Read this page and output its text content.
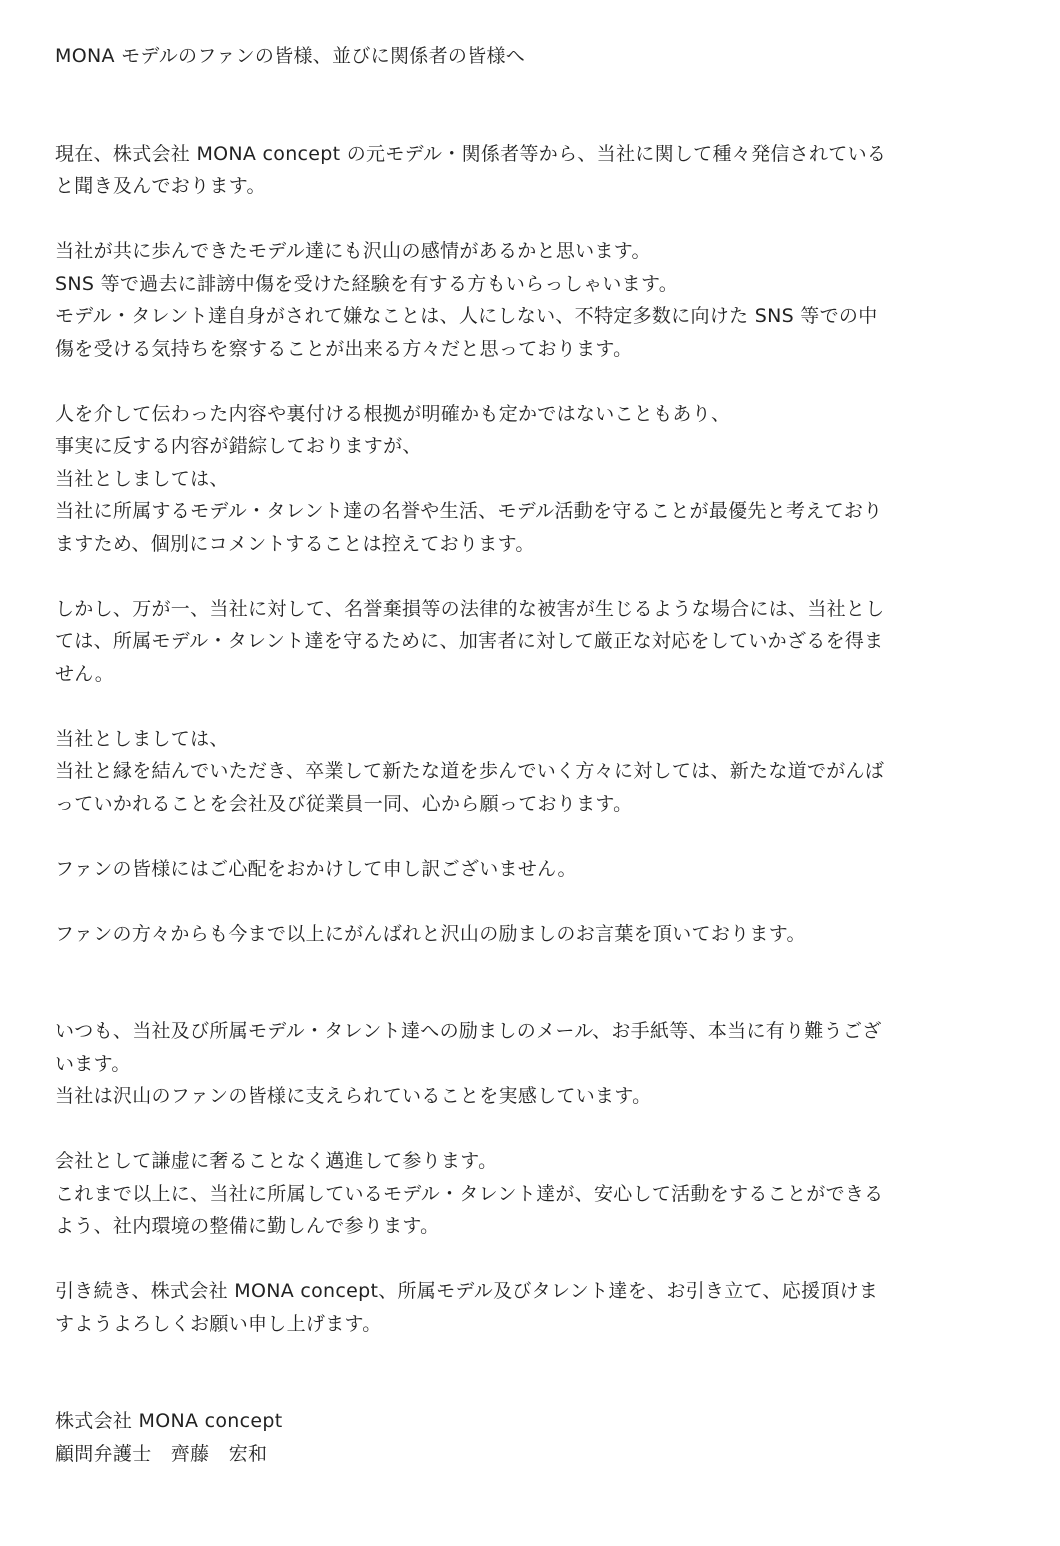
MONA モデルのファンの皆様、並びに関係者の皆様へ
現在、株式会社 MONA concept の元モデル・関係者等から、当社に関して種々発信されている
と聞き及んでおります。
当社が共に歩んできたモデル達にも沢山の感情があるかと思います。
SNS 等で過去に誹謗中傷を受けた経験を有する方もいらっしゃいます。
モデル・タレント達自身がされて嫌なことは、人にしない、不特定多数に向けた SNS 等での中
傷を受ける気持ちを察することが出来る方々だと思っております。
人を介して伝わった内容や裏付ける根拠が明確かも定かではないこともあり、
事実に反する内容が錯綜しておりますが、
当社としましては、
当社に所属するモデル・タレント達の名誉や生活、モデル活動を守ることが最優先と考えており
ますため、個別にコメントすることは控えております。
しかし、万が一、当社に対して、名誉棄損等の法律的な被害が生じるような場合には、当社とし
ては、所属モデル・タレント達を守るために、加害者に対して厳正な対応をしていかざるを得ま
せん。
当社としましては、
当社と縁を結んでいただき、卒業して新たな道を歩んでいく方々に対しては、新たな道でがんば
っていかれることを会社及び従業員一同、心から願っております。
ファンの皆様にはご心配をおかけして申し訳ございません。
ファンの方々からも今まで以上にがんばれと沢山の励ましのお言葉を頂いております。
いつも、当社及び所属モデル・タレント達への励ましのメール、お手紙等、本当に有り難うござ
います。
当社は沢山のファンの皆様に支えられていることを実感しています。
会社として謙虚に奢ることなく邁進して参ります。
これまで以上に、当社に所属しているモデル・タレント達が、安心して活動をすることができる
よう、社内環境の整備に勤しんで参ります。
引き続き、株式会社 MONA concept、所属モデル及びタレント達を、お引き立て、応援頂けま
すようよろしくお願い申し上げます。
株式会社 MONA concept
顧問弁護士　齊藤　宏和
